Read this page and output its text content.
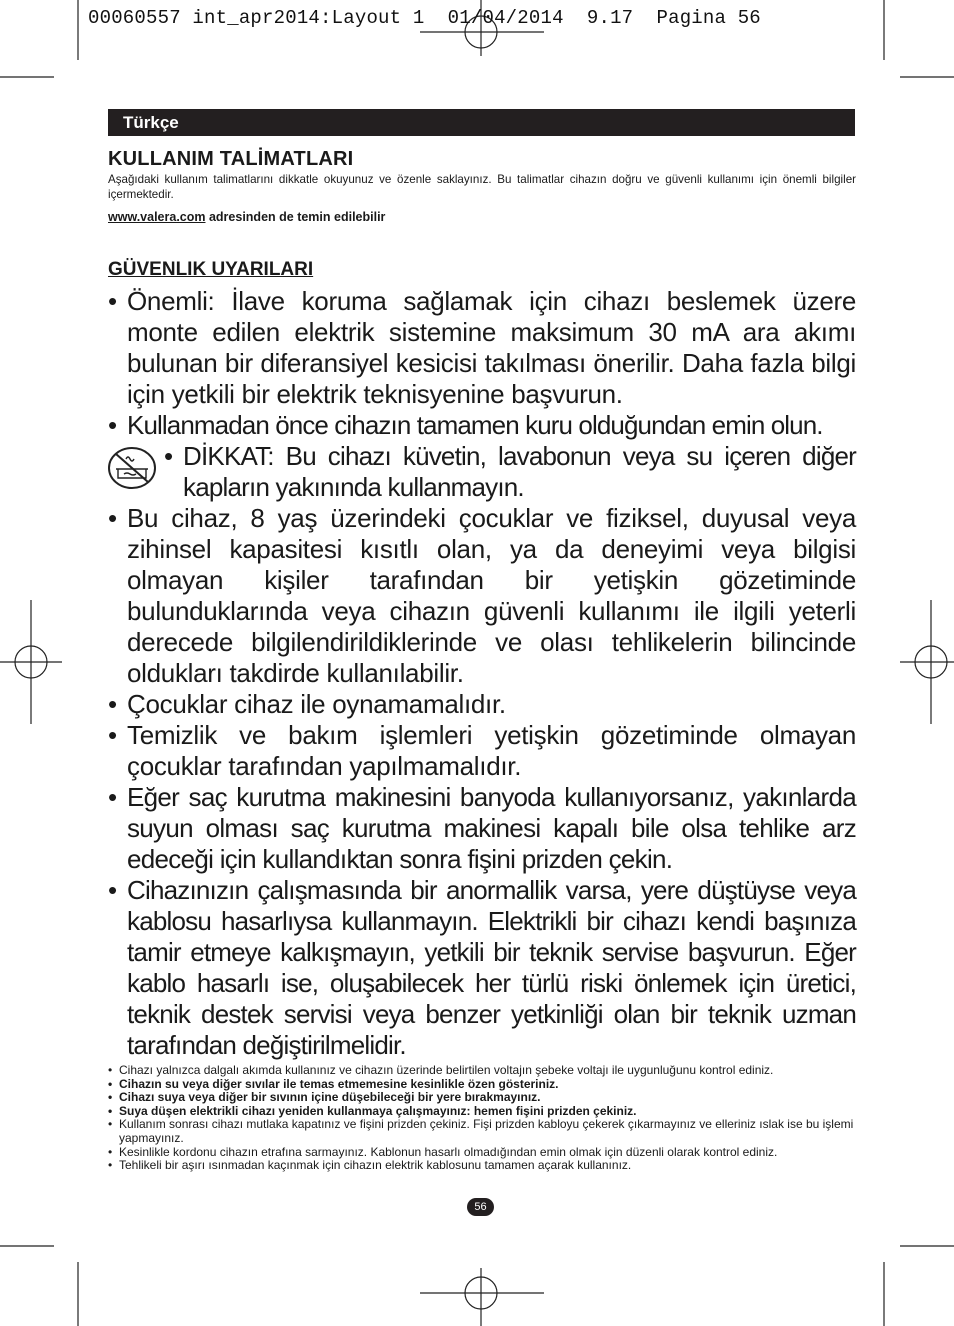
00060557 int_apr2014:Layout 1  01/04/2014  9.17  Pagina 56
Türkçe
KULLANIM TALİMATLARI
Aşağıdaki kullanım talimatlarını dikkatle okuyunuz ve özenle saklayınız. Bu talimatlar cihazın doğru ve güvenli kullanımı için önemli bilgiler içermektedir.
www.valera.com adresinden de temin edilebilir
GÜVENLIK UYARILARI
• Önemli: İlave koruma sağlamak için cihazı beslemek üzere monte edilen elektrik sistemine maksimum 30 mA ara akımı bulunan bir diferansiyel kesicisi takılması önerilir. Daha fazla bilgi için yetkili bir elektrik teknisyenine başvurun.
• Kullanmadan önce cihazın tamamen kuru olduğundan emin olun.
• DİKKAT: Bu cihazı küvetin, lavabonun veya su içeren diğer kapların yakınında kullanmayın.
• Bu cihaz, 8 yaş üzerindeki çocuklar ve fiziksel, duyusal veya zihinsel kapasitesi kısıtlı olan, ya da deneyimi veya bilgisi olmayan kişiler tarafından bir yetişkin gözetiminde bulunduklarında veya cihazın güvenli kullanımı ile ilgili yeterli derecede bilgilendirildiklerinde ve olası tehlikelerin bilincinde oldukları takdirde kullanılabilir.
• Çocuklar cihaz ile oynamamalıdır.
• Temizlik ve bakım işlemleri yetişkin gözetiminde olmayan çocuklar tarafından yapılmamalıdır.
• Eğer saç kurutma makinesini banyoda kullanıyorsanız, yakınlarda suyun olması saç kurutma makinesi kapalı bile olsa tehlike arz edeceği için kullandıktan sonra fişini prizden çekin.
• Cihazınızın çalışmasında bir anormallik varsa, yere düştüyse veya kablosu hasarlıysa kullanmayın. Elektrikli bir cihazı kendi başınıza tamir etmeye kalkışmayın, yetkili bir teknik servise başvurun. Eğer kablo hasarlı ise, oluşabilecek her türlü riski önlemek için üretici, teknik destek servisi veya benzer yetkinliği olan bir teknik uzman tarafından değiştirilmelidir.
• Cihazı yalnızca dalgalı akımda kullanınız ve cihazın üzerinde belirtilen voltajın şebeke voltajı ile uygunluğunu kontrol ediniz.
• Cihazın su veya diğer sıvılar ile temas etmemesine kesinlikle özen gösteriniz.
• Cihazı suya veya diğer bir sıvının içine düşebileceği bir yere bırakmayınız.
• Suya düşen elektrikli cihazı yeniden kullanmaya çalışmayınız: hemen fişini prizden çekiniz.
• Kullanım sonrası cihazı mutlaka kapatınız ve fişini prizden çekiniz. Fişi prizden kabloyu çekerek çıkarmayınız ve elleriniz ıslak ise bu işlemi yapmayınız.
• Kesinlikle kordonu cihazın etrafına sarmayınız. Kablonun hasarlı olmadığından emin olmak için düzenli olarak kontrol ediniz.
• Tehlikeli bir aşırı ısınmadan kaçınmak için cihazın elektrik kablosunu tamamen açarak kullanınız.
56
